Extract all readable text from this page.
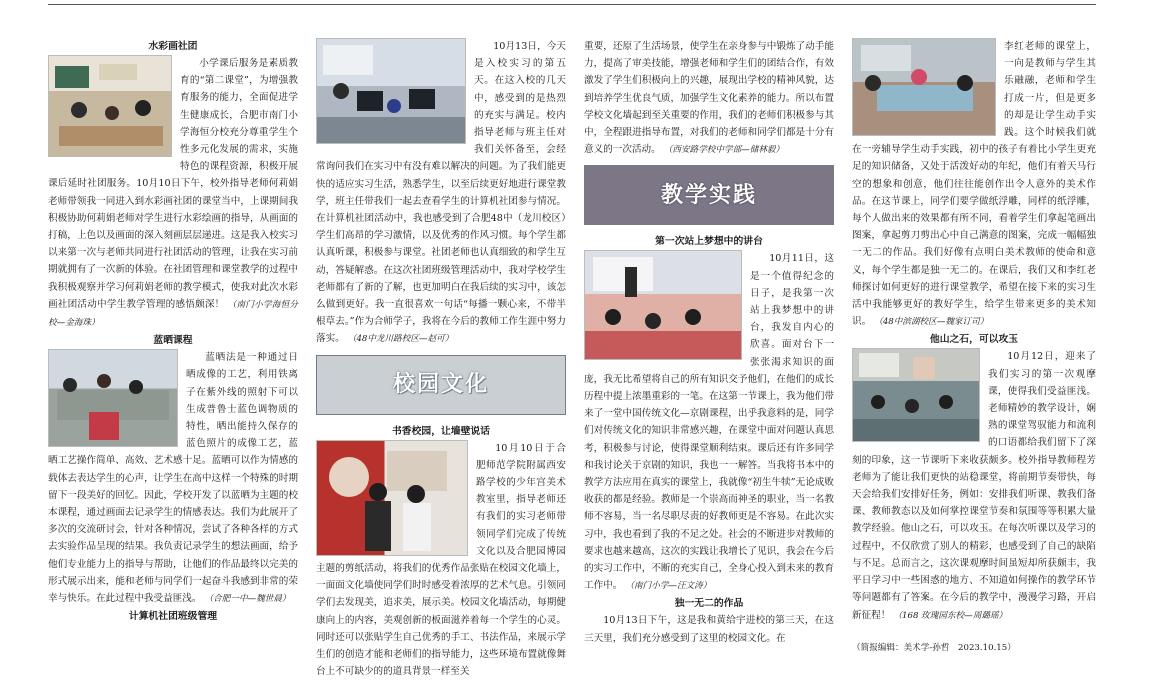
水彩画社团

小学课后服务是素质教育的“第二课堂”，为增强教育服务的能力，全面促进学生健康成长，合肥市南门小学海恒分校充分尊重学生个性多元化发展的需求，实施特色的课程资源，积极开展课后延时社团服务。10月10日下午，校外指导老师何莉娟老师带领我一同进入到水彩画社团的课堂当中，上课期间我积极协助何莉娟老师对学生进行水彩绘画的指导，从画面的打稿，上色以及画面的深入刻画层层递进。这是我入校实习以来第一次与老师共同进行社团活动的管理，让我在实习前期就拥有了一次新的体验。在社团管理和课堂教学的过程中我积极观察并学习何莉娟老师的教学模式，使我对此次水彩画社团活动中学生教学管理的感悟颇深！ （南门小学海恒分校—金海珠）

蓝晒课程

蓝晒法是一种通过日晒成像的工艺，利用铁离子在紫外线的照射下可以生成普鲁士蓝色调物质的特性，晒出能持久保存的蓝色照片的成像工艺，蓝晒工艺操作简单、高效、艺术感十足。蓝晒可以作为情感的载体去表达学生的心声，让学生在高中这样一个特殊的时期留下一段美好的回忆。因此，学校开发了以蓝晒为主题的校本课程，通过画面去记录学生的情感表达。我们为此展开了多次的交流研讨会，针对各种情况，尝试了各种各样的方式去实验作品呈现的结果。我负责记录学生的想法画面，给予他们专业能力上的指导与帮助，让他们的作品最终以完美的形式展示出来，能和老师与同学们一起奋斗我感到非常的荣幸与快乐。在此过程中我受益匪浅。 （合肥一中—魏世晨）

计算机社团班级管理

10月13日，今天是入校实习的第五天。在这入校的几天中，感受到的是热烈的充实与满足。校内指导老师与班主任对我们关怀备至，会经常询问我们在实习中有没有难以解决的问题。为了我们能更快的适应实习生活，熟悉学生，以至后续更好地进行课堂教学，班主任带我们一起去查看学生的计算机社团参与情况。在计算机社团活动中，我也感受到了合肥48中（龙川校区）学生们高昂的学习激情，以及优秀的作风习惯。每个学生都认真听课，积极参与课堂。社团老师也认真细致的和学生互动，答疑解惑。在这次社团班级管理活动中，我对学校学生老师都有了新的了解，也更加明白在我后续的实习中，该怎么做到更好。我一直很喜欢一句话“每播一颗心来，不带半根草去。”作为合师学子，我将在今后的教师工作生涯中努力落实。 （48中龙川路校区—赵可）

校园文化
书香校园，让墙壁说话

10月10日于合肥师范学院附属西安路学校的少年宫美术教室里，指导老师还有我们的实习老师带领同学们完成了传统文化以及合肥园博园主题的剪纸活动，将我们的优秀作品张贴在校园文化墙上，一面面文化墙使同学们时时感受着浓厚的艺术气息。引领同学们去发现美，追求美，展示美。校园文化墙活动，每期健康向上的内容，美观创新的板面滋养着每一个学生的心灵。同时还可以张贴学生自己优秀的手工、书法作品，来展示学生们的创造才能和老师们的指导能力，这些环境布置就像舞台上不可缺少的的道具背景一样至关

重要，还原了生活场景，使学生在亲身参与中锻炼了动手能力，提高了审美技能，增强老师和学生们的团结合作，有效激发了学生们积极向上的兴趣，展现出学校的精神风貌，达到培养学生优良气质，加强学生文化素养的能力。所以布置学校文化墙起到至关重要的作用，我们的老师们积极参与其中，全程跟进指导布置，对我们的老师和同学们都是十分有意义的一次活动。 （西安路学校中学部—储林毅）

教学实践
第一次站上梦想中的讲台

10月11日，这是一个值得纪念的日子，是我第一次站上我梦想中的讲台，我发自内心的欣喜。面对台下一张张渴求知识的面庞，我无比希望将自己的所有知识交予他们，在他们的成长历程中提上浓墨重彩的一笔。在这第一节课上，我为他们带来了一堂中国传统文化—京剧课程，出乎我意料的是，同学们对传统文化的知识非常感兴趣，在课堂中面对问题认真思考，积极参与讨论，使得课堂顺利结束。课后还有许多同学和我讨论关于京剧的知识，我也一一解答。当我将书本中的教学方法应用在真实的课堂上，我就像“初生牛犊”无论成败收获的都是经验。教师是一个崇高而神圣的职业，当一名教师不容易，当一名尽职尽责的好教师更是不容易。在此次实习中，我也看到了我的不足之处。社会的不断进步对教师的要求也越来越高，这次的实践让我增长了见识，我会在今后的实习工作中，不断的充实自己，全身心投入到未来的教育工作中。 （南门小学—汪文涛）

独一无二的作品

10月13日下午，这是我和黄给宇进校的第三天，在这三天里，我们充分感受到了这里的校园文化。在

李红老师的课堂上，一向是教师与学生其乐融融，老师和学生打成一片，但是更多的却是让学生动手实践。这个时候我们就在一旁辅导学生动手实践，初中的孩子有着比小学生更充足的知识储备，又处于活泼好动的年纪，他们有着天马行空的想象和创意，他们往往能创作出令人意外的美术作品。在这节课上，同学们要学做纸浮雕，同样的纸浮雕，每个人做出来的效果都有所不同，看着学生们拿起笔画出图案，拿起剪刀剪出心中自己满意的图案，完成一幅幅独一无二的作品。我们好像有点明白美术教师的使命和意义，每个学生都是独一无二的。在课后，我们又和李红老师探讨如何更好的进行课堂教学，希望在接下来的实习生活中我能够更好的教好学生，给学生带来更多的美术知识。 （48中滨湖校区—魏家订司）

他山之石，可以攻玉

10月12日，迎来了我们实习的第一次观摩课，使得我们受益匪浅。老师精妙的教学设计，娴熟的课堂驾驭能力和流利的口语都给我们留下了深刻的印象，这一节课听下来收获颇多。校外指导教师程芳老师为了能让我们更快的站稳课堂，将前期节奏带快，每天会给我们安排好任务，例如：安排我们听课、教我们备课、教师教态以及如何掌控课堂节奏和氛围等等积累大量教学经验。他山之石，可以攻玉。在每次听课以及学习的过程中，不仅欣赏了别人的精彩，也感受到了自己的缺陷与不足。总而言之，这次课观摩时间虽短却所获颇丰，我平日学习中一些困惑的地方、不知道如何操作的教学环节等问题都有了答案。在今后的教学中，漫漫学习路，开启新征程！ （168 玫瑰园东校—周璐瑶）

（简报编辑：美术学-孙哲　2023.10.15）
